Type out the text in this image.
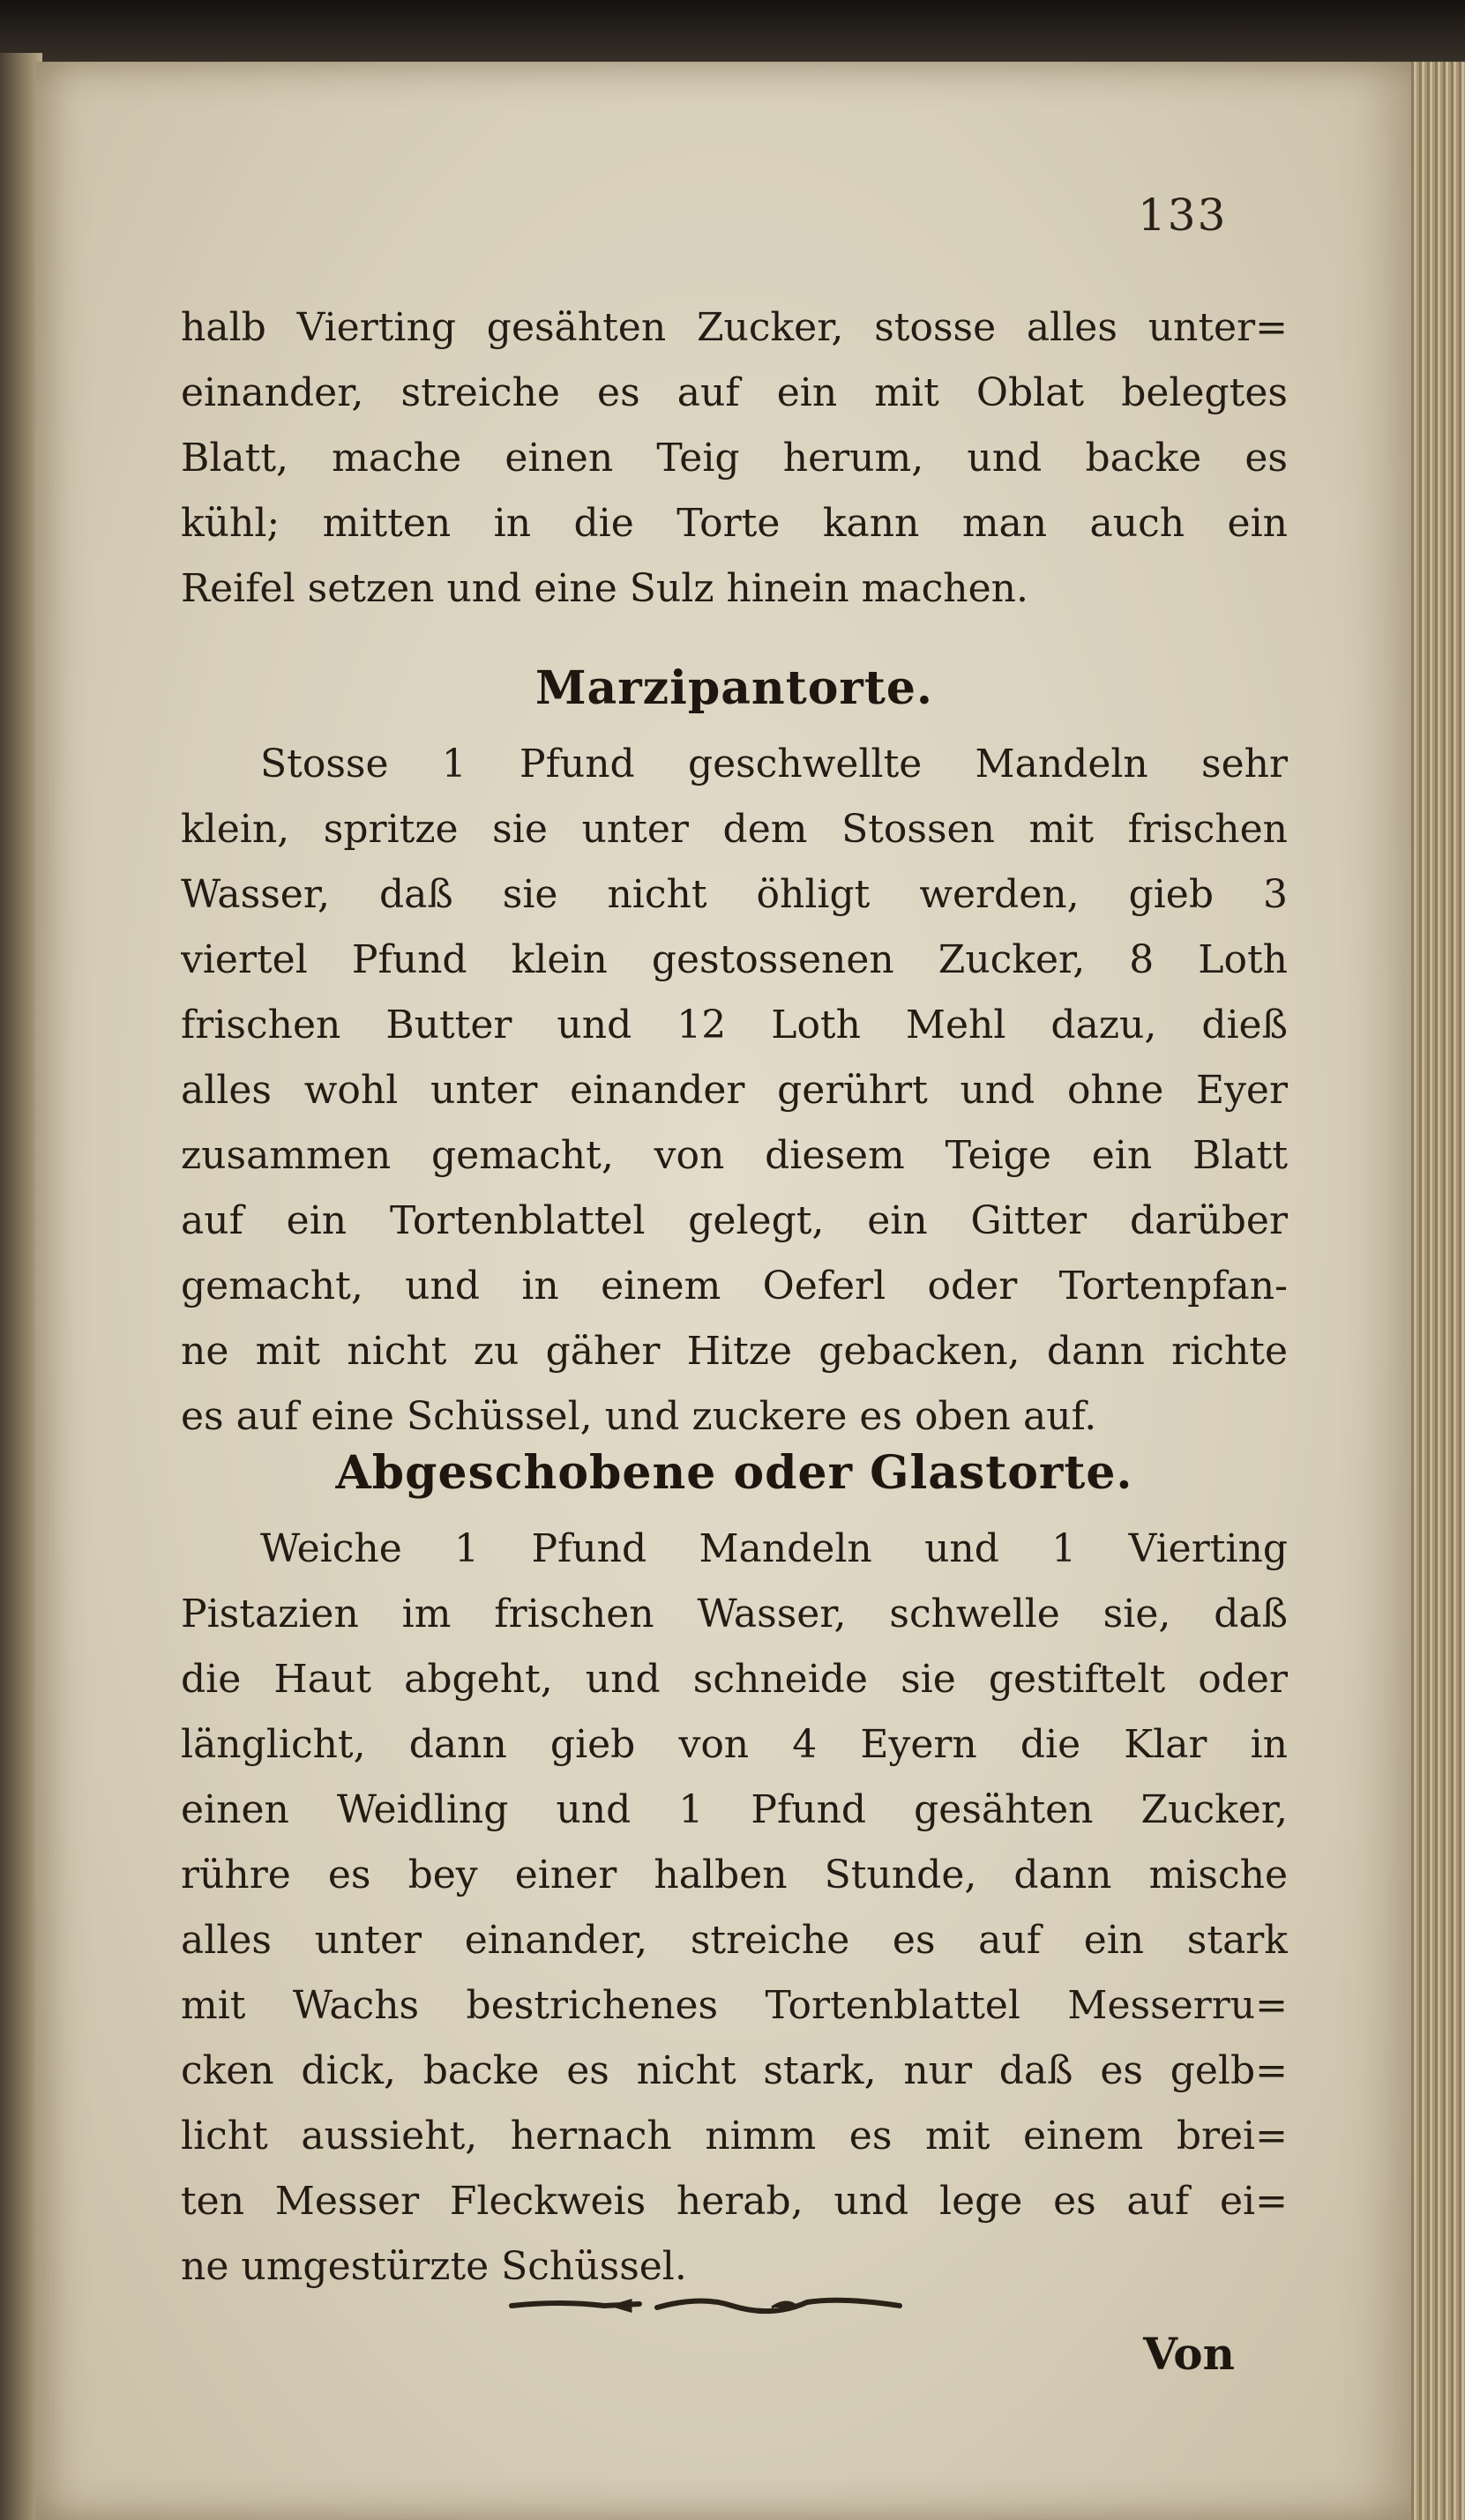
133
halb Vierting gesähten Zucker, stosse alles unter=
einander, streiche es auf ein mit Oblat belegtes
Blatt, mache einen Teig herum, und backe es
kühl; mitten in die Torte kann man auch ein
Reifel setzen und eine Sulz hinein machen.
Marzipantorte.
Stosse 1 Pfund geschwellte Mandeln sehr
klein, spritze sie unter dem Stossen mit frischen
Wasser, daß sie nicht öhligt werden, gieb 3
viertel Pfund klein gestossenen Zucker, 8 Loth
frischen Butter und 12 Loth Mehl dazu, dieß
alles wohl unter einander gerührt und ohne Eyer
zusammen gemacht, von diesem Teige ein Blatt
auf ein Tortenblattel gelegt, ein Gitter darüber
gemacht, und in einem Oeferl oder Tortenpfan-
ne mit nicht zu gäher Hitze gebacken, dann richte
es auf eine Schüssel, und zuckere es oben auf.
Abgeschobene oder Glastorte.
Weiche 1 Pfund Mandeln und 1 Vierting
Pistazien im frischen Wasser, schwelle sie, daß
die Haut abgeht, und schneide sie gestiftelt oder
länglicht, dann gieb von 4 Eyern die Klar in
einen Weidling und 1 Pfund gesähten Zucker,
rühre es bey einer halben Stunde, dann mische
alles unter einander, streiche es auf ein stark
mit Wachs bestrichenes Tortenblattel Messerru=
cken dick, backe es nicht stark, nur daß es gelb=
licht aussieht, hernach nimm es mit einem brei=
ten Messer Fleckweis herab, und lege es auf ei=
ne umgestürzte Schüssel.
Von
